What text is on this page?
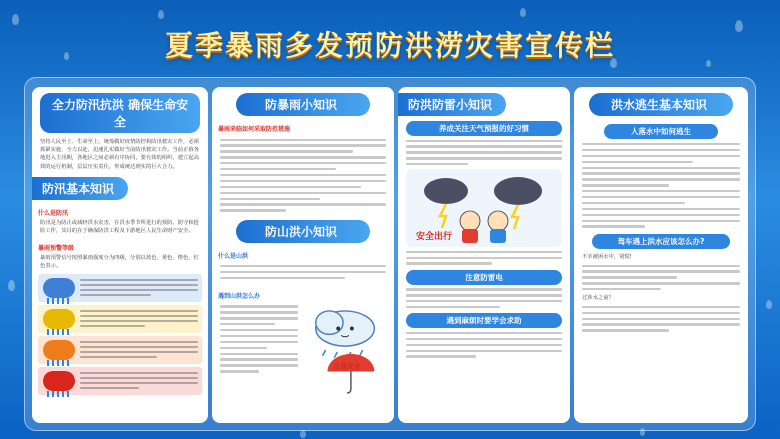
夏季暴雨多发预防洪涝灾害宣传栏
全力防汛抗洪 确保生命安全
坚持人民至上、生命至上，统筹做好疫情防控和防汛救灾工作，必须抓紧实施、全力以赴，迅速扎实做好当前防汛救灾工作。当前正值各地进入主汛期，各地区之间必须有序协同，要有效的组织，建立起高效的运行机制，层层压实责任，形成统达到实的巨大合力。
防汛基本知识
什么是防汛
防汛是为防止或减轻洪水灾害，在洪水季节所进行的预防、防守和抢险工作，其目的在于确保防洪工程及下游地区人民生命财产安全。
暴雨预警等级
暴雨预警信号按照暴雨强度分为四级，分别以蓝色、黄色、橙色、红色表示。
防暴雨小知识
暴雨来临如何采取防范措施
防山洪小知识
什么是山洪
遇到山洪怎么办
注意安全
防洪防雷小知识
养成关注天气预报的好习惯
安全出行
注意防雷电
遇到麻烦时要学会求助
洪水逃生基本知识
人落水中如何逃生
驾车遇上洪水应该怎么办?
不幸被困水中，别慌!
过涉水之前？
